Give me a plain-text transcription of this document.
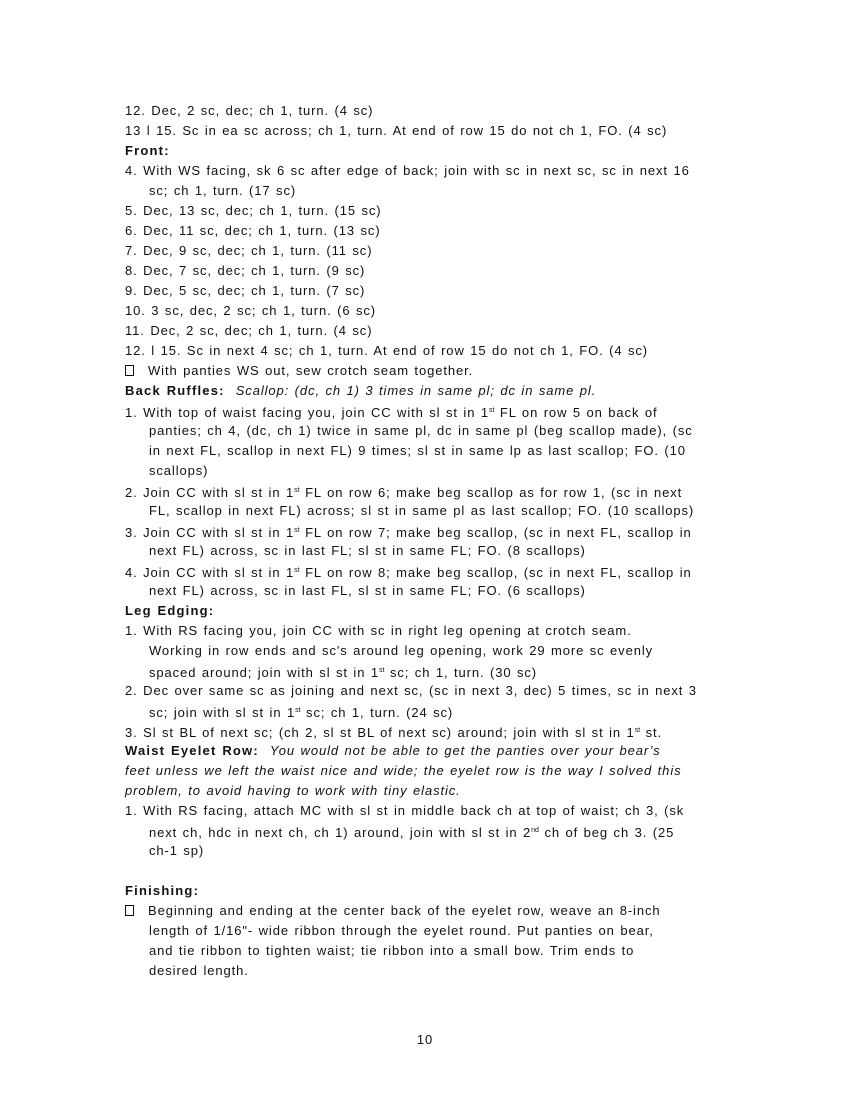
12. Dec, 2 sc, dec; ch 1, turn. (4 sc)
13 l 15. Sc in ea sc across; ch 1, turn. At end of row 15 do not ch 1, FO. (4 sc)
Front:
4. With WS facing, sk 6 sc after edge of back; join with sc in next sc, sc in next 16
sc; ch 1, turn. (17 sc)
5. Dec, 13 sc, dec; ch 1, turn. (15 sc)
6. Dec, 11 sc, dec; ch 1, turn. (13 sc)
7. Dec, 9 sc, dec; ch 1, turn. (11 sc)
8. Dec, 7 sc, dec; ch 1, turn. (9 sc)
9. Dec, 5 sc, dec; ch 1, turn. (7 sc)
10. 3 sc, dec, 2 sc; ch 1, turn. (6 sc)
11. Dec, 2 sc, dec; ch 1, turn. (4 sc)
12. l 15. Sc in next 4 sc; ch 1, turn. At end of row 15 do not ch 1, FO. (4 sc)
With panties WS out, sew crotch seam together.
Back Ruffles: Scallop: (dc, ch 1) 3 times in same pl; dc in same pl.
1. With top of waist facing you, join CC with sl st in 1st FL on row 5 on back of
panties; ch 4, (dc, ch 1) twice in same pl, dc in same pl (beg scallop made), (sc
in next FL, scallop in next FL) 9 times; sl st in same lp as last scallop; FO. (10
scallops)
2. Join CC with sl st in 1st FL on row 6; make beg scallop as for row 1, (sc in next
FL, scallop in next FL) across; sl st in same pl as last scallop; FO. (10 scallops)
3. Join CC with sl st in 1st FL on row 7; make beg scallop, (sc in next FL, scallop in
next FL) across, sc in last FL; sl st in same FL; FO. (8 scallops)
4. Join CC with sl st in 1st FL on row 8; make beg scallop, (sc in next FL, scallop in
next FL) across, sc in last FL, sl st in same FL; FO. (6 scallops)
Leg Edging:
1. With RS facing you, join CC with sc in right leg opening at crotch seam.
Working in row ends and sc's around leg opening, work 29 more sc evenly
spaced around; join with sl st in 1st sc; ch 1, turn. (30 sc)
2. Dec over same sc as joining and next sc, (sc in next 3, dec) 5 times, sc in next 3
sc; join with sl st in 1st sc; ch 1, turn. (24 sc)
3. Sl st BL of next sc; (ch 2, sl st BL of next sc) around; join with sl st in 1st st.
Waist Eyelet Row: You would not be able to get the panties over your bear’s
feet unless we left the waist nice and wide; the eyelet row is the way I solved this
problem, to avoid having to work with tiny elastic.
1. With RS facing, attach MC with sl st in middle back ch at top of waist; ch 3, (sk
next ch, hdc in next ch, ch 1) around, join with sl st in 2nd ch of beg ch 3. (25
ch-1 sp)
Finishing:
Beginning and ending at the center back of the eyelet row, weave an 8-inch
length of 1/16"- wide ribbon through the eyelet round. Put panties on bear,
and tie ribbon to tighten waist; tie ribbon into a small bow. Trim ends to
desired length.
10
